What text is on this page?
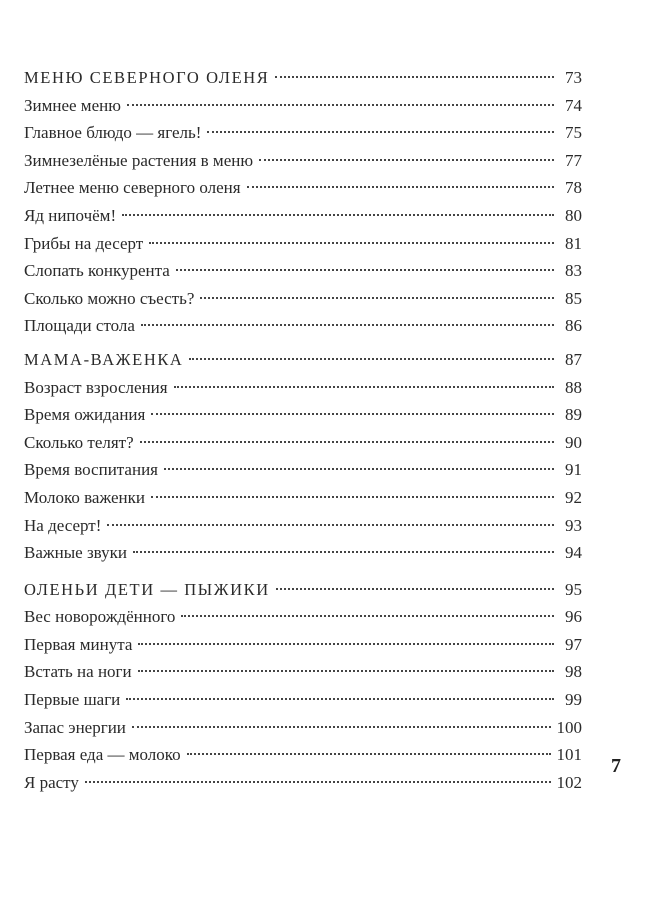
МЕНЮ СЕВЕРНОГО ОЛЕНЯ	73
Зимнее меню	74
Главное блюдо — ягель!	75
Зимнезелёные растения в меню	77
Летнее меню северного оленя	78
Яд нипочём!	80
Грибы на десерт	81
Слопать конкурента	83
Сколько можно съесть?	85
Площади стола	86
МАМА-ВАЖЕНКА	87
Возраст взросления	88
Время ожидания	89
Сколько телят?	90
Время воспитания	91
Молоко важенки	92
На десерт!	93
Важные звуки	94
ОЛЕНЬИ ДЕТИ — ПЫЖИКИ	95
Вес новорождённого	96
Первая минута	97
Встать на ноги	98
Первые шаги	99
Запас энергии	100
Первая еда — молоко	101
Я расту	102
7
